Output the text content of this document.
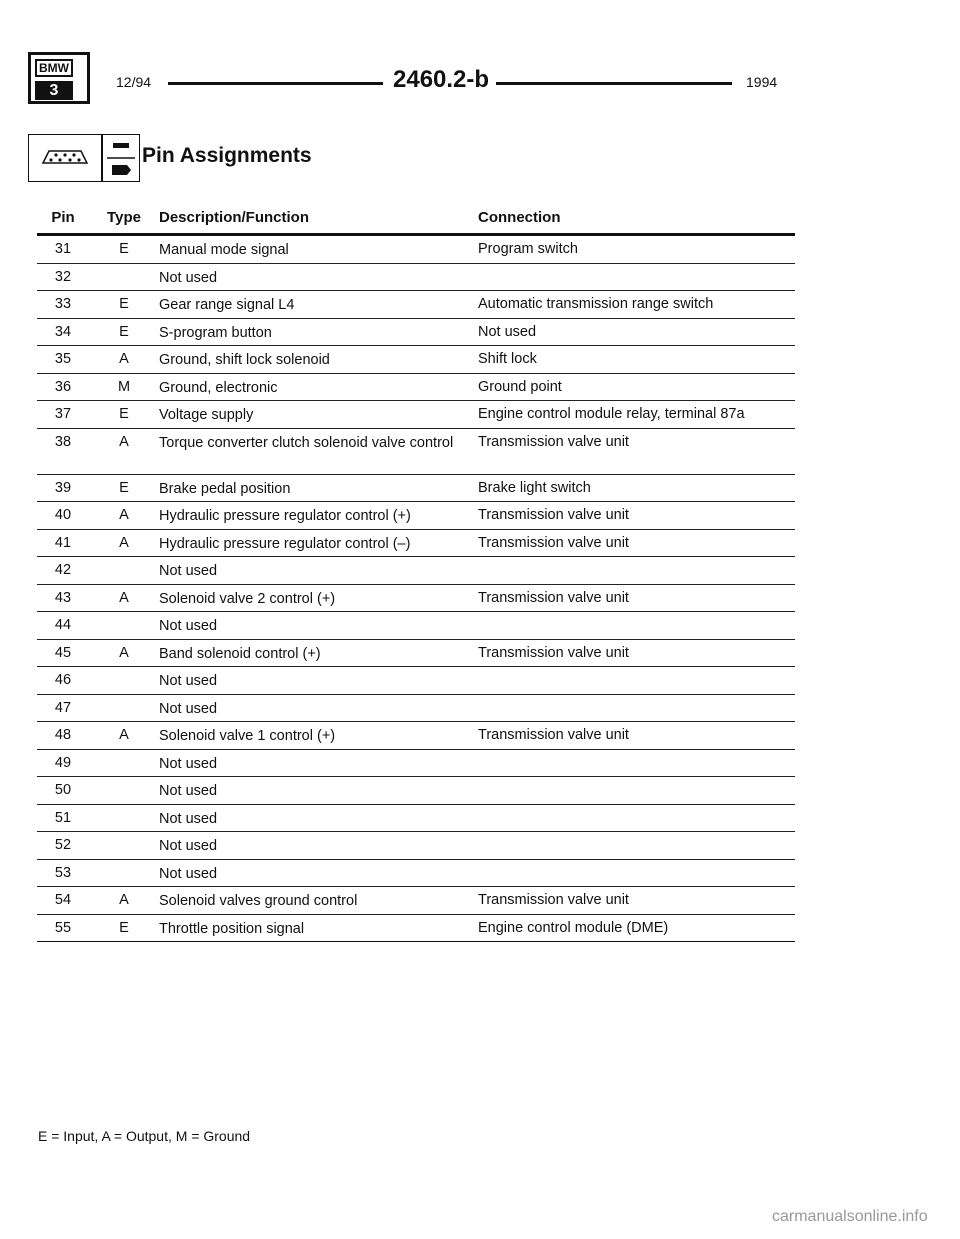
BMW
3	12/94	2460.2-b	1994
Pin Assignments
Pin	Type Description/Function	Connection
31	E	Manual mode signal	Program switch
32	Not used
33	E	Gear range signal L4	Automatic transmission range switch
34	E	S-program button	Not used
35	A	Ground, shift lock solenoid	Shift lock
36	M	Ground, electronic	Ground point
37	E	Voltage supply	Engine control module relay, terminal 87a
38	A	Torque converter clutch solenoid valve control	Transmission valve unit
39	E	Brake pedal position	Brake light switch
40	A	Hydraulic pressure regulator control (+)	Transmission valve unit
41	A	Hydraulic pressure regulator control (–)	Transmission valve unit
42	Not used
43	A	Solenoid valve 2 control (+)	Transmission valve unit
44	Not used
45	A	Band solenoid control (+)	Transmission valve unit
46	Not used
47	Not used
48	A	Solenoid valve 1 control (+)	Transmission valve unit
49	Not used
50	Not used
51	Not used
52	Not used
53	Not used
54	A	Solenoid valves ground control	Transmission valve unit
55	E	Throttle position signal	Engine control module (DME)
E = Input, A = Output, M = Ground
carmanualsonline.info
